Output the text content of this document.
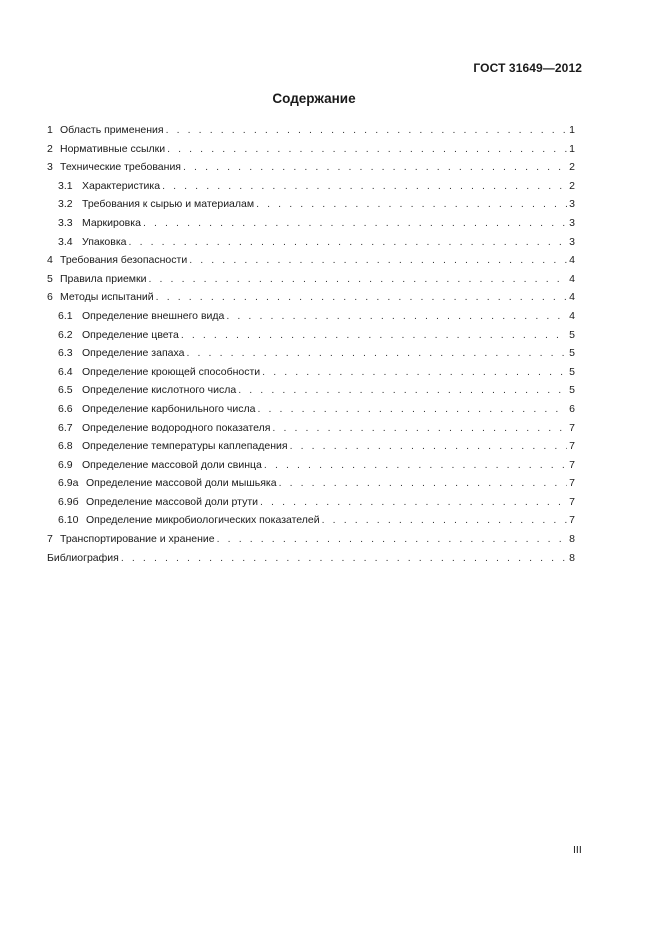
ГОСТ 31649—2012
Содержание
1 Область применения . . .	1
2 Нормативные ссылки . . .	1
3 Технические требования . . .	2
3.1 Характеристика . . .	2
3.2 Требования к сырью и материалам . . .	3
3.3 Маркировка . . .	3
3.4 Упаковка . . .	3
4 Требования безопасности . . .	4
5 Правила приемки . . .	4
6 Методы испытаний . . .	4
6.1 Определение внешнего вида . . .	4
6.2 Определение цвета . . .	5
6.3 Определение запаха . . .	5
6.4 Определение кроющей способности . . .	5
6.5 Определение кислотного числа . . .	5
6.6 Определение карбонильного числа . . .	6
6.7 Определение водородного показателя . . .	7
6.8 Определение температуры каплепадения . . .	7
6.9 Определение массовой доли свинца . . .	7
6.9а Определение массовой доли мышьяка . . .	7
6.9б Определение массовой доли ртути . . .	7
6.10 Определение микробиологических показателей . . .	7
7 Транспортирование и хранение . . .	8
Библиография . . .	8
III
